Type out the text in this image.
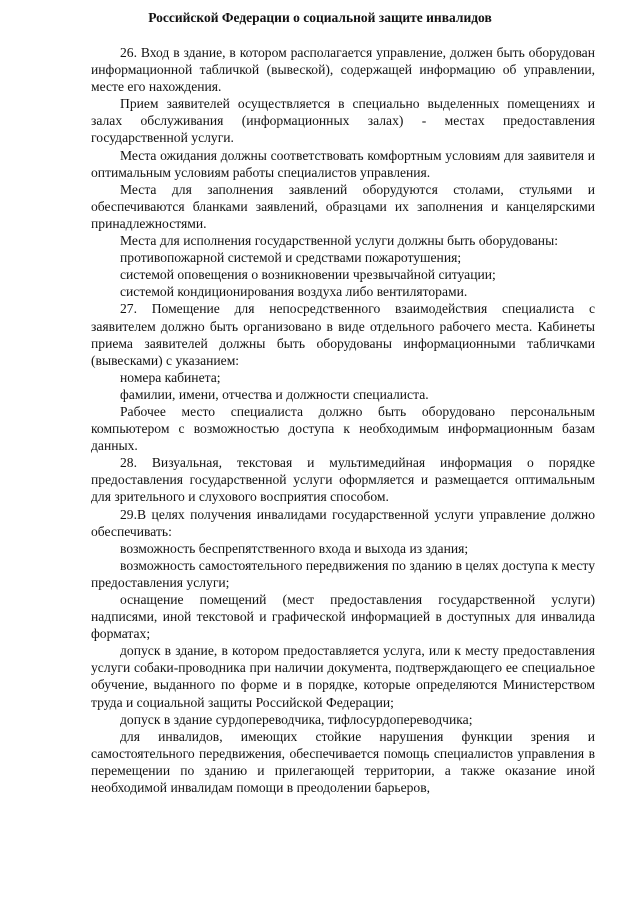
Российской Федерации о социальной защите инвалидов

26. Вход в здание, в котором располагается управление, должен быть оборудован информационной табличкой (вывеской), содержащей информацию об управлении, месте его нахождения.

Прием заявителей осуществляется в специально выделенных помещениях и залах обслуживания (информационных залах) - местах предоставления государственной услуги.

Места ожидания должны соответствовать комфортным условиям для заявителя и оптимальным условиям работы специалистов управления.

Места для заполнения заявлений оборудуются столами, стульями и обеспечиваются бланками заявлений, образцами их заполнения и канцелярскими принадлежностями.

Места для исполнения государственной услуги должны быть оборудованы:

противопожарной системой и средствами пожаротушения;

системой оповещения о возникновении чрезвычайной ситуации;

системой кондиционирования воздуха либо вентиляторами.

27. Помещение для непосредственного взаимодействия специалиста с заявителем должно быть организовано в виде отдельного рабочего места. Кабинеты приема заявителей должны быть оборудованы информационными табличками (вывесками) с указанием:

номера кабинета;

фамилии, имени, отчества и должности специалиста.

Рабочее место специалиста должно быть оборудовано персональным компьютером с возможностью доступа к необходимым информационным базам данных.

28. Визуальная, текстовая и мультимедийная информация о порядке предоставления государственной услуги оформляется и размещается оптимальным для зрительного и слухового восприятия способом.

29.В целях получения инвалидами государственной услуги управление должно обеспечивать:

возможность беспрепятственного входа и выхода из здания;

возможность самостоятельного передвижения по зданию в целях доступа к месту предоставления услуги;

оснащение помещений (мест предоставления государственной услуги) надписями, иной текстовой и графической информацией в доступных для инвалида форматах;

допуск в здание, в котором предоставляется услуга, или к месту предоставления услуги собаки-проводника при наличии документа, подтверждающего ее специальное обучение, выданного по форме и в порядке, которые определяются Министерством труда и социальной защиты Российской Федерации;

допуск в здание сурдопереводчика, тифлосурдопереводчика;

для инвалидов, имеющих стойкие нарушения функции зрения и самостоятельного передвижения, обеспечивается помощь специалистов управления в перемещении по зданию и прилегающей территории, а также оказание иной необходимой инвалидам помощи в преодолении барьеров,
